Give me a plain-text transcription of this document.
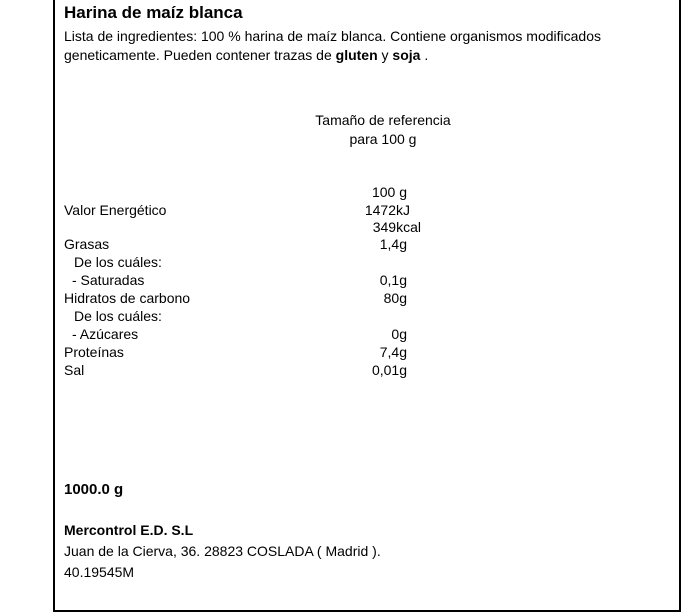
Harina de maíz blanca
Lista de ingredientes: 100 % harina de maíz blanca. Contiene organismos modificados geneticamente. Pueden contener trazas de gluten y soja .
Tamaño de referencia
para 100 g
100 g
Valor Energético	1472kJ
349kcal
Grasas	1,4g
De los cuáles:
- Saturadas	0,1g
Hidratos de carbono	80g
De los cuáles:
- Azúcares	0g
Proteínas	7,4g
Sal	0,01g
1000.0 g
Mercontrol E.D. S.L
Juan de la Cierva, 36. 28823 COSLADA ( Madrid ).
40.19545M
